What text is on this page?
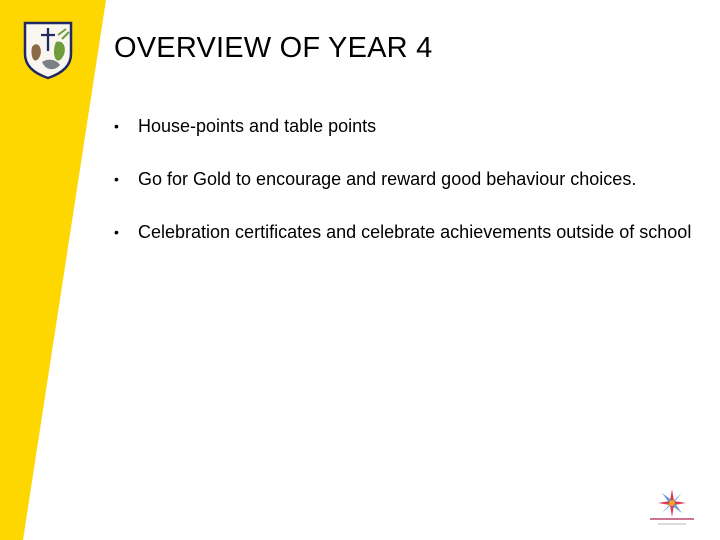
OVERVIEW OF YEAR 4
•	House-points and table points
•	Go for Gold to encourage and reward good behaviour choices.
•	Celebration certificates and celebrate achievements outside of school
